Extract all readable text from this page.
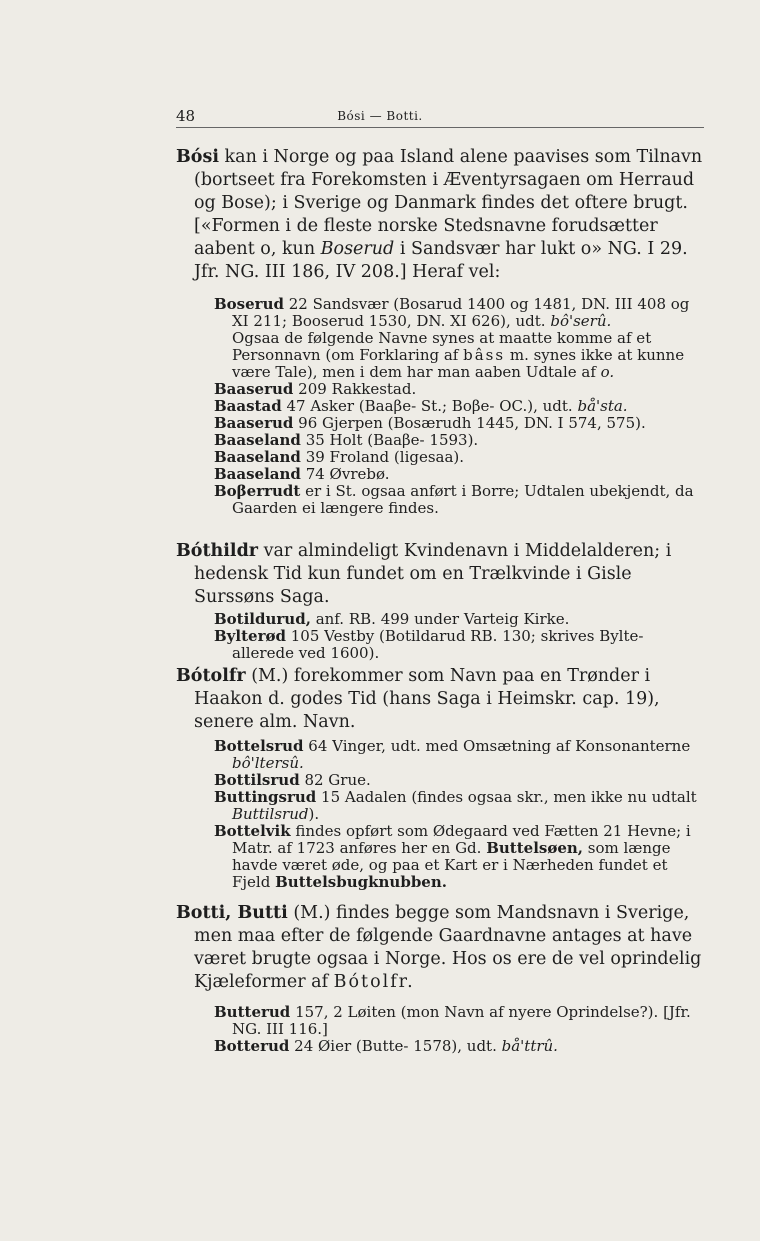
48	Bósi — Botti.

Bósi kan i Norge og paa Island alene paavises som Tilnavn (bortseet fra Forekomsten i Æventyrsagaen om Herraud og Bose); i Sverige og Danmark findes det oftere brugt. [«Formen i de fleste norske Stedsnavne forudsætter aabent o, kun Boserud i Sandsvær har lukt o» NG. I 29. Jfr. NG. III 186, IV 208.] Heraf vel:

Boserud 22 Sandsvær (Bosarud 1400 og 1481, DN. III 408 og XI 211; Booserud 1530, DN. XI 626), udt. bô'serû.

Ogsaa de følgende Navne synes at maatte komme af et Personnavn (om Forklaring af bâss m. synes ikke at kunne være Tale), men i dem har man aaben Udtale af o.

Baaserud 209 Rakkestad.

Baastad 47 Asker (Baaβe- St.; Boβe- OC.), udt. bå'sta.

Baaserud 96 Gjerpen (Bosærudh 1445, DN. I 574, 575).

Baaseland 35 Holt (Baaβe- 1593).

Baaseland 39 Froland (ligesaa).

Baaseland 74 Øvrebø.

Boβerrudt er i St. ogsaa anført i Borre; Udtalen ubekjendt, da Gaarden ei længere findes.

Bóthildr var almindeligt Kvindenavn i Middelalderen; i hedensk Tid kun fundet om en Trælkvinde i Gisle Surssøns Saga.

Botildurud, anf. RB. 499 under Varteig Kirke.

Bylterød 105 Vestby (Botildarud RB. 130; skrives Bylte- allerede ved 1600).

Bótolfr (M.) forekommer som Navn paa en Trønder i Haakon d. godes Tid (hans Saga i Heimskr. cap. 19), senere alm. Navn.

Bottelsrud 64 Vinger, udt. med Omsætning af Konsonanterne bô'ltersû.

Bottilsrud 82 Grue.

Buttingsrud 15 Aadalen (findes ogsaa skr., men ikke nu udtalt Buttilsrud).

Bottelvik findes opført som Ødegaard ved Fætten 21 Hevne; i Matr. af 1723 anføres her en Gd. Buttelsøen, som længe havde været øde, og paa et Kart er i Nærheden fundet et Fjeld Buttelsbugknubben.

Botti, Butti (M.) findes begge som Mandsnavn i Sverige, men maa efter de følgende Gaardnavne antages at have været brugte ogsaa i Norge. Hos os ere de vel oprindelig Kjæleformer af Bótolfr.

Butterud 157, 2 Løiten (mon Navn af nyere Oprindelse?). [Jfr. NG. III 116.]

Botterud 24 Øier (Butte- 1578), udt. bå'ttrû.
